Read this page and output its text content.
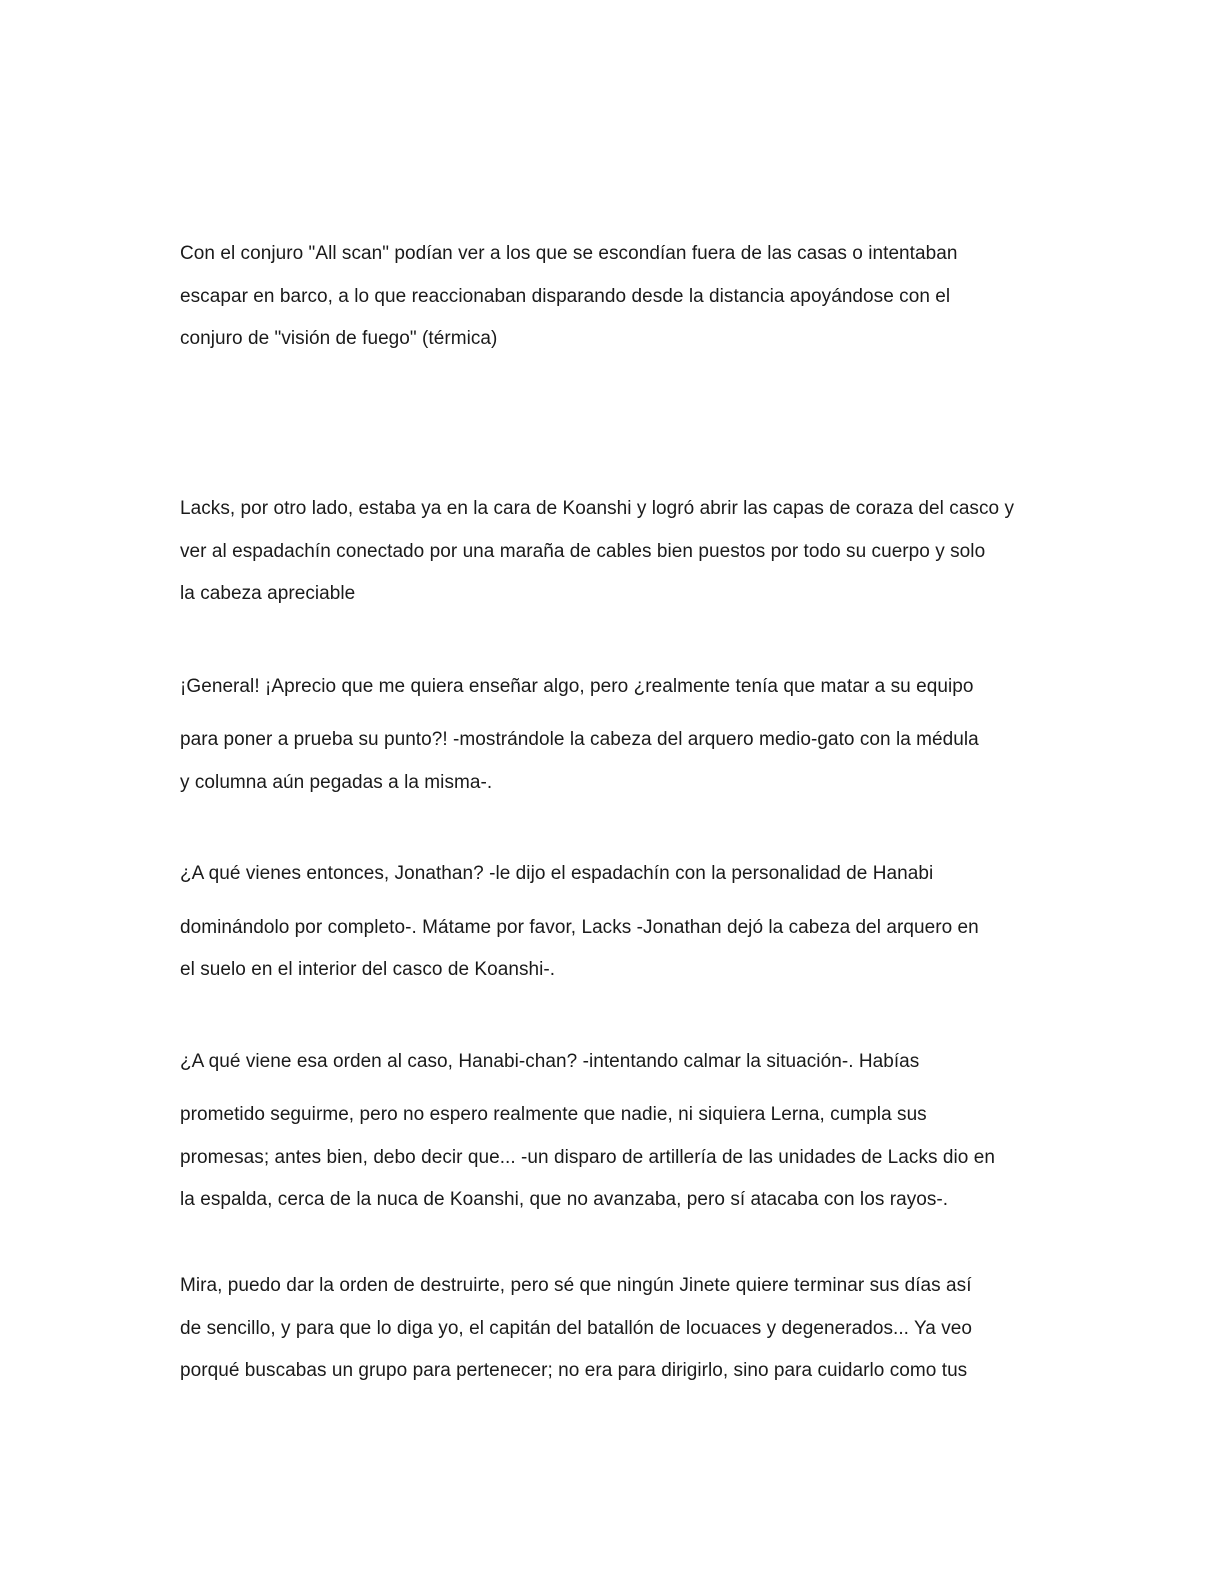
Con el conjuro "All scan" podían ver a los que se escondían fuera de las casas o intentaban
escapar en barco, a lo que reaccionaban disparando desde la distancia apoyándose con el
conjuro de "visión de fuego" (térmica)
Lacks, por otro lado, estaba ya en la cara de Koanshi y logró abrir las capas de coraza del casco y
ver al espadachín conectado por una maraña de cables bien puestos por todo su cuerpo y solo
la cabeza apreciable
¡General! ¡Aprecio que me quiera enseñar algo, pero ¿realmente tenía que matar a su equipo
para poner a prueba su punto?! -mostrándole la cabeza del arquero medio-gato con la médula
y columna aún pegadas a la misma-.
¿A qué vienes entonces, Jonathan? -le dijo el espadachín con la personalidad de Hanabi
dominándolo por completo-. Mátame por favor, Lacks -Jonathan dejó la cabeza del arquero en
el suelo en el interior del casco de Koanshi-.
¿A qué viene esa orden al caso, Hanabi-chan? -intentando calmar la situación-. Habías
prometido seguirme, pero no espero realmente que nadie, ni siquiera Lerna, cumpla sus
promesas; antes bien, debo decir que... -un disparo de artillería de las unidades de Lacks dio en
la espalda, cerca de la nuca de Koanshi, que no avanzaba, pero sí atacaba con los rayos-.
Mira, puedo dar la orden de destruirte, pero sé que ningún Jinete quiere terminar sus días así
de sencillo, y para que lo diga yo, el capitán del batallón de locuaces y degenerados... Ya veo
porqué buscabas un grupo para pertenecer; no era para dirigirlo, sino para cuidarlo como tus
